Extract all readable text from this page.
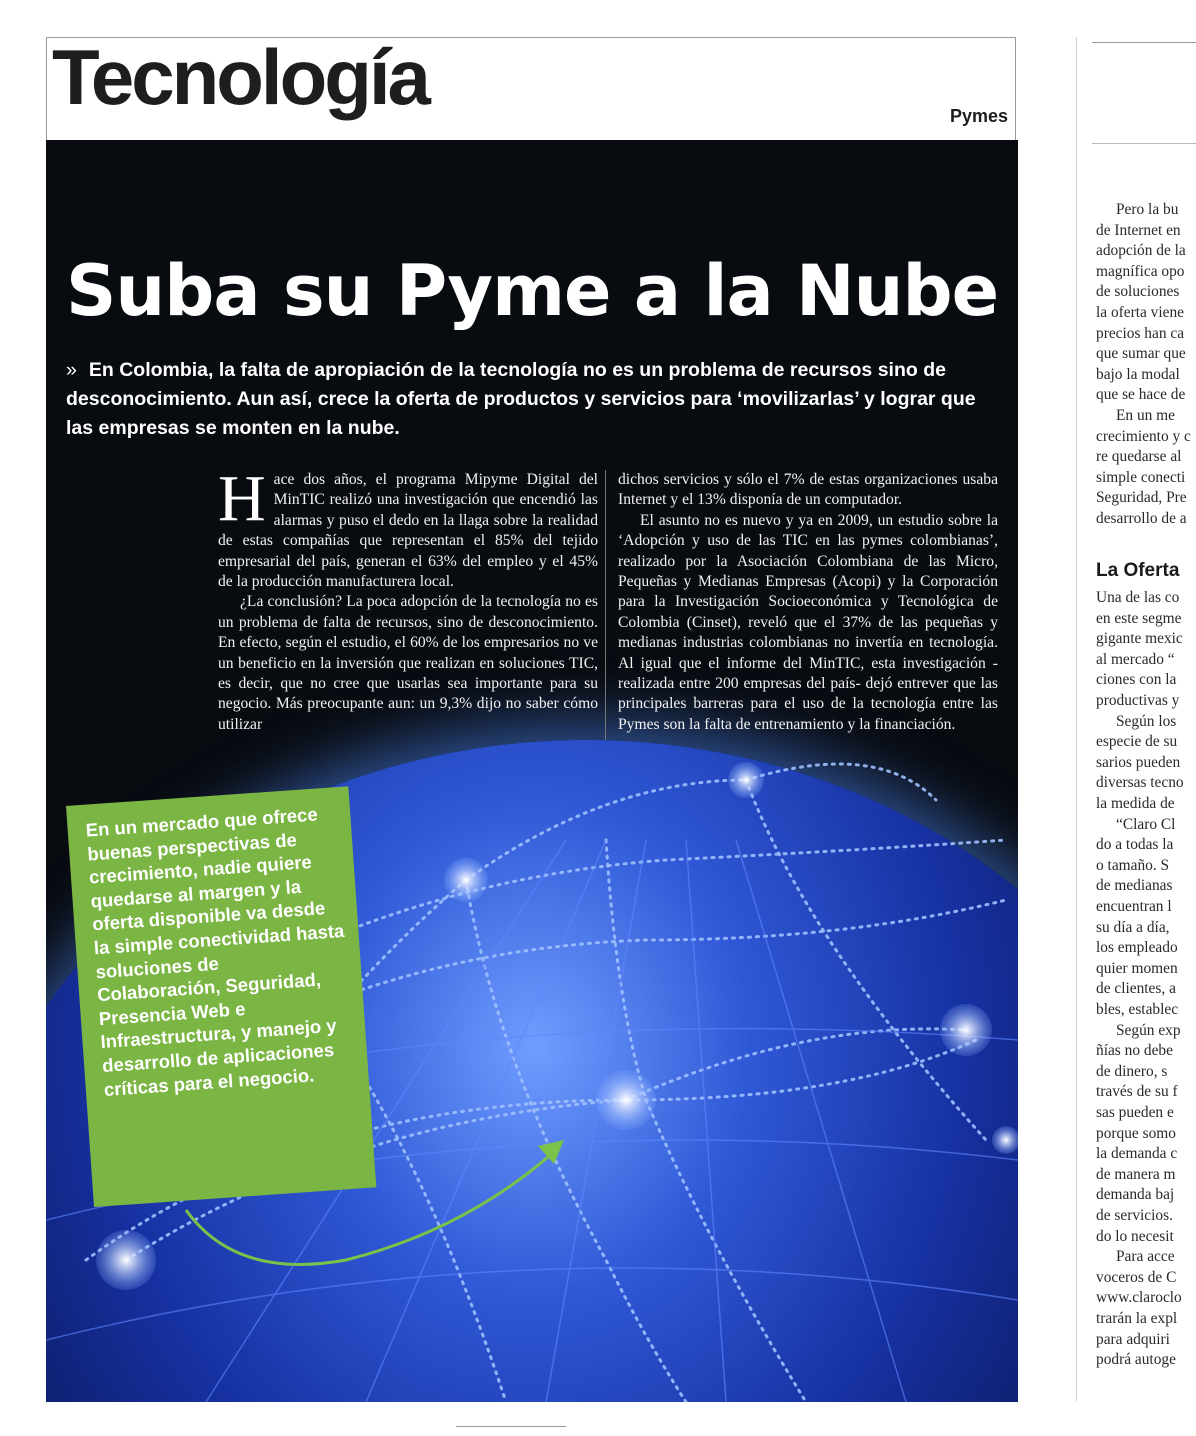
Tecnología	Pymes
Suba su Pyme a la Nube
» En Colombia, la falta de apropiación de la tecnología no es un problema de recursos sino de desconocimiento. Aun así, crece la oferta de productos y servicios para ‘movilizarlas’ y lograr que las empresas se monten en la nube.

Hace dos años, el programa Mipyme Digital del MinTIC realizó una investigación que encendió las alarmas y puso el dedo en la llaga sobre la realidad de estas compañías que representan el 85% del tejido empresarial del país, generan el 63% del empleo y el 45% de la producción manufacturera local.

¿La conclusión? La poca adopción de la tecnología no es un problema de falta de recursos, sino de desconocimiento. En efecto, según el estudio, el 60% de los empresarios no ve un beneficio en la inversión que realizan en soluciones TIC, es decir, que no cree que usarlas sea importante para su negocio. Más preocupante aun: un 9,3% dijo no saber cómo utilizar

dichos servicios y sólo el 7% de estas organizaciones usaba Internet y el 13% disponía de un computador.

El asunto no es nuevo y ya en 2009, un estudio sobre la ‘Adopción y uso de las TIC en las pymes colombianas’, realizado por la Asociación Colombiana de las Micro, Pequeñas y Medianas Empresas (Acopi) y la Corporación para la Investigación Socioeconómica y Tecnológica de Colombia (Cinset), reveló que el 37% de las pequeñas y medianas industrias colombianas no invertía en tecnología. Al igual que el informe del MinTIC, esta investigación -realizada entre 200 empresas del país- dejó entrever que las principales barreras para el uso de la tecnología entre las Pymes son la falta de entrenamiento y la financiación.

En un mercado que ofrece buenas perspectivas de crecimiento, nadie quiere quedarse al margen y la oferta disponible va desde la simple conectividad hasta soluciones de Colaboración, Seguridad, Presencia Web e Infraestructura, y manejo y desarrollo de aplicaciones críticas para el negocio.
Pero la bu
de Internet en
adopción de la
magnífica opo
de soluciones
la oferta viene
precios han ca
que sumar que
bajo la modal
que se hace de
En un me
crecimiento y c
re quedarse al
simple conecti
Seguridad, Pre
desarrollo de a
La Oferta
Una de las co
en este segme
gigante mexic
al mercado “
ciones con la
productivas y
Según los
especie de su
sarios pueden
diversas tecno
la medida de
“Claro Cl
do a todas la
o tamaño. S
de medianas
encuentran l
su día a día,
los empleado
quier momen
de clientes, a
bles, establec
Según exp
ñías no debe
de dinero, s
través de su f
sas pueden e
porque somo
la demanda c
de manera m
demanda baj
de servicios.
do lo necesit
Para acce
voceros de C
www.claroclo
trarán la expl
para adquiri
podrá autoge
